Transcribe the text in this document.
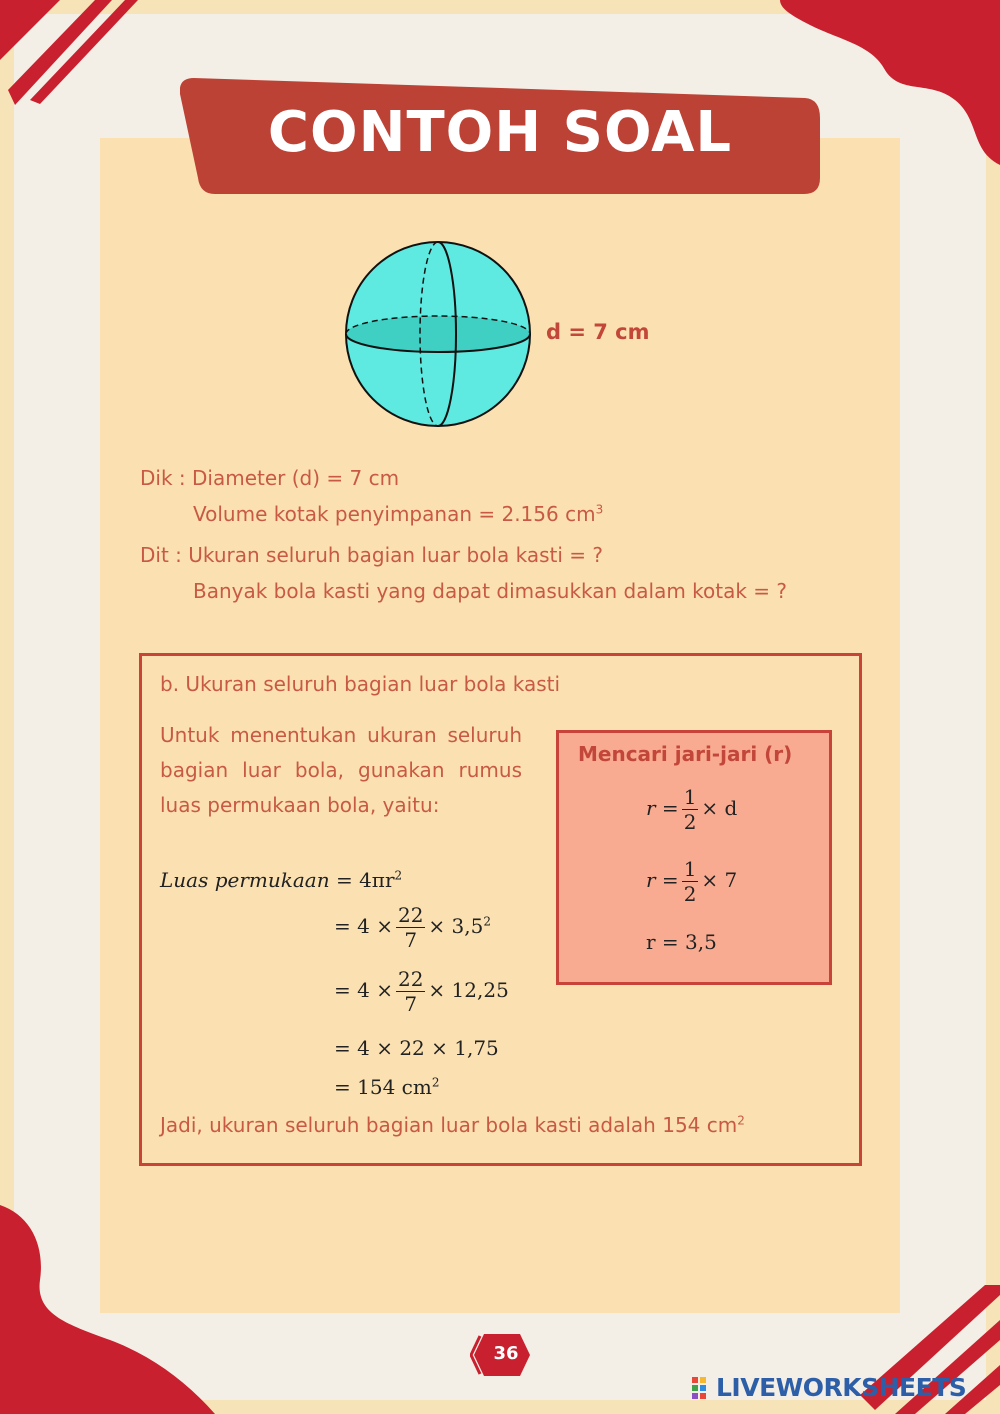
CONTOH SOAL
d = 7 cm
Dik : Diameter (d) = 7 cm
Volume kotak penyimpanan = 2.156 $cm^3$
Dit : Ukuran seluruh bagian luar bola kasti = ?
Banyak bola kasti yang dapat dimasukkan dalam kotak = ?
b. Ukuran seluruh bagian luar bola kasti
Untuk menentukan ukuran seluruh bagian luar bola, gunakan rumus luas permukaan bola, yaitu:
Luas permukaan = $4\pi r^2$
= $4 \times \frac{22}{7} \times 3,5^2$
= $4 \times \frac{22}{7} \times 12,25$
= 4 × 22 × 1,75
= 154 $cm^2$
Jadi, ukuran seluruh bagian luar bola kasti adalah 154 $cm^2$
Mencari jari-jari (r)
$r = \frac{1}{2} \times d$
$r = \frac{1}{2} \times 7$
r = 3,5
36
LIVEWORKSHEETS
